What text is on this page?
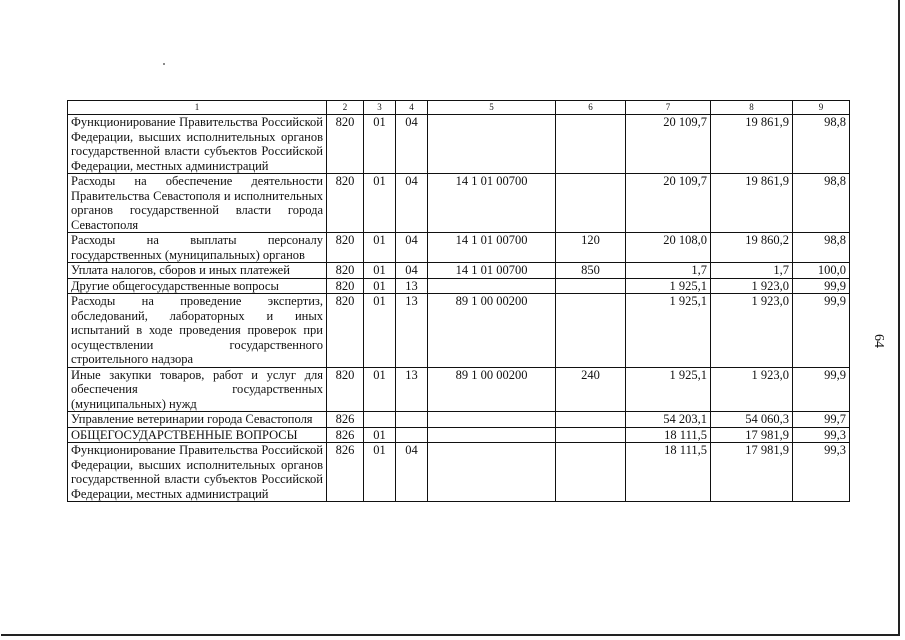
1	2	3	4	5	6	7	8	9
Функционирование Правительства Российской Федерации, высших исполнительных органов государственной власти субъектов Российской Федерации, местных администраций	820	01	04			20 109,7	19 861,9	98,8
Расходы на обеспечение деятельности Правительства Севастополя и исполнительных органов государственной власти города Севастополя	820	01	04	14 1 01 00700		20 109,7	19 861,9	98,8
Расходы на выплаты персоналу государственных (муниципальных) органов	820	01	04	14 1 01 00700	120	20 108,0	19 860,2	98,8
Уплата налогов, сборов и иных платежей	820	01	04	14 1 01 00700	850	1,7	1,7	100,0
Другие общегосударственные вопросы	820	01	13			1 925,1	1 923,0	99,9
Расходы на проведение экспертиз, обследований, лабораторных и иных испытаний в ходе проведения проверок при осуществлении государственного строительного надзора	820	01	13	89 1 00 00200		1 925,1	1 923,0	99,9
Иные закупки товаров, работ и услуг для обеспечения государственных (муниципальных) нужд	820	01	13	89 1 00 00200	240	1 925,1	1 923,0	99,9
Управление ветеринарии города Севастополя	826					54 203,1	54 060,3	99,7
ОБЩЕГОСУДАРСТВЕННЫЕ ВОПРОСЫ	826	01				18 111,5	17 981,9	99,3
Функционирование Правительства Российской Федерации, высших исполнительных органов государственной власти субъектов Российской Федерации, местных администраций	826	01	04			18 111,5	17 981,9	99,3
64
